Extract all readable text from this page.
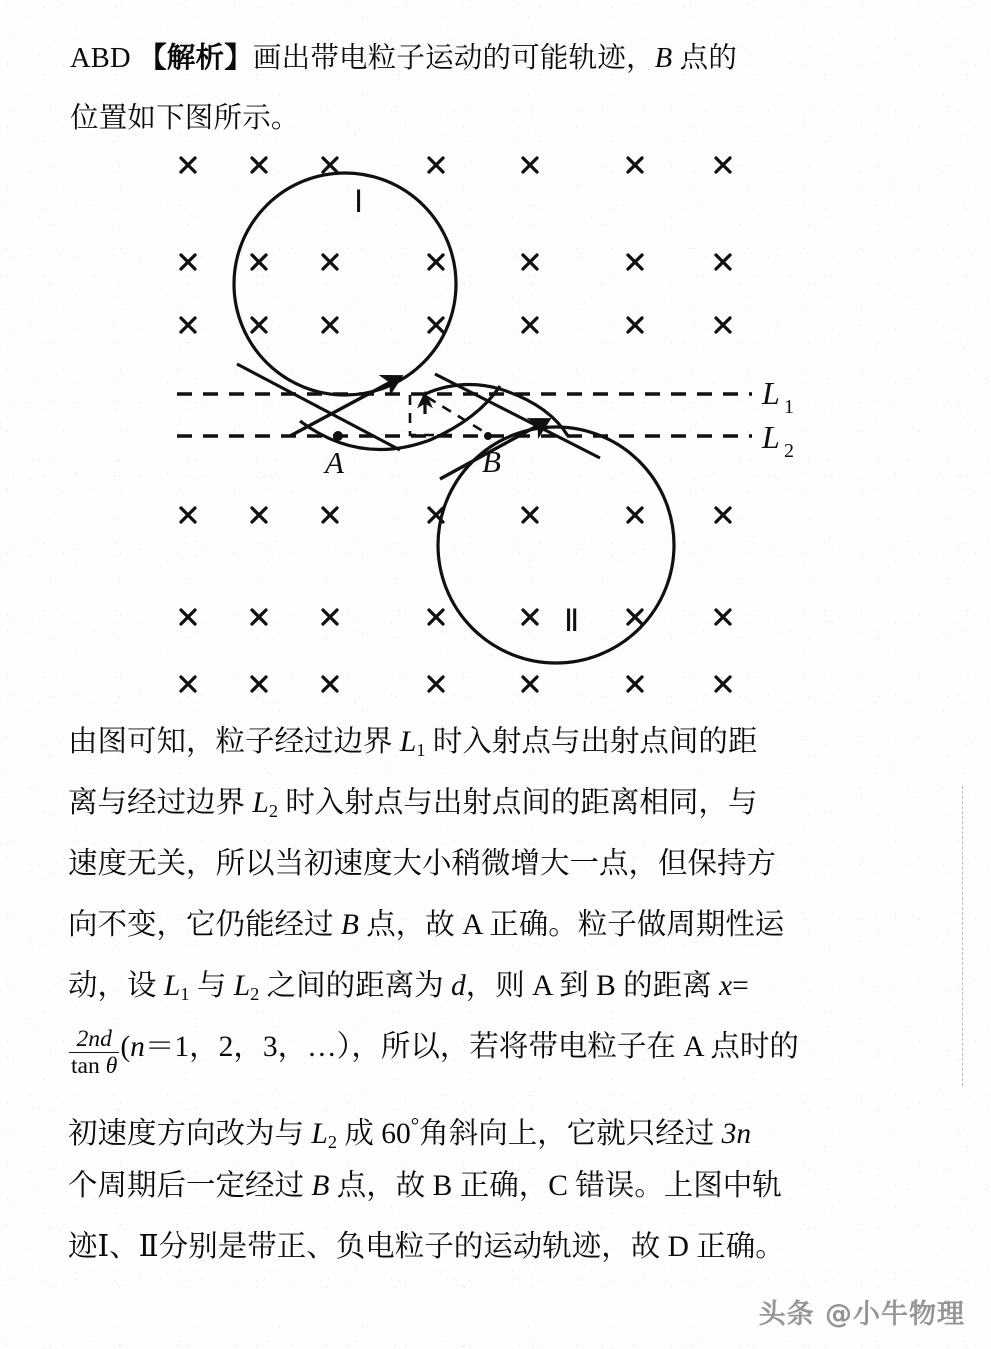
ABD 【解析】画出带电粒子运动的可能轨迹，B 点的
位置如下图所示。
Ⅰ
Ⅱ
A	B
L 1
L 2
由图可知，粒子经过边界 $L_1$ 时入射点与出射点间的距
离与经过边界 $L_2$ 时入射点与出射点间的距离相同，与
速度无关，所以当初速度大小稍微增大一点，但保持方
向不变，它仍能经过 B 点，故 A 正确。粒子做周期性运
动，设 $L_1$ 与 $L_2$ 之间的距离为 d，则 A 到 B 的距离 x=
$\frac{2nd}{\text{tan θ}} (n=1$，2，3，…），所以，若将带电粒子在 A 点时的
初速度方向改为与 $L_2$ 成 60°角斜向上，它就只经过 3n
个周期后一定经过 B 点，故 B 正确，C 错误。上图中轨
迹Ⅰ、Ⅱ分别是带正、负电粒子的运动轨迹，故 D 正确。
头条 @小牛物理
